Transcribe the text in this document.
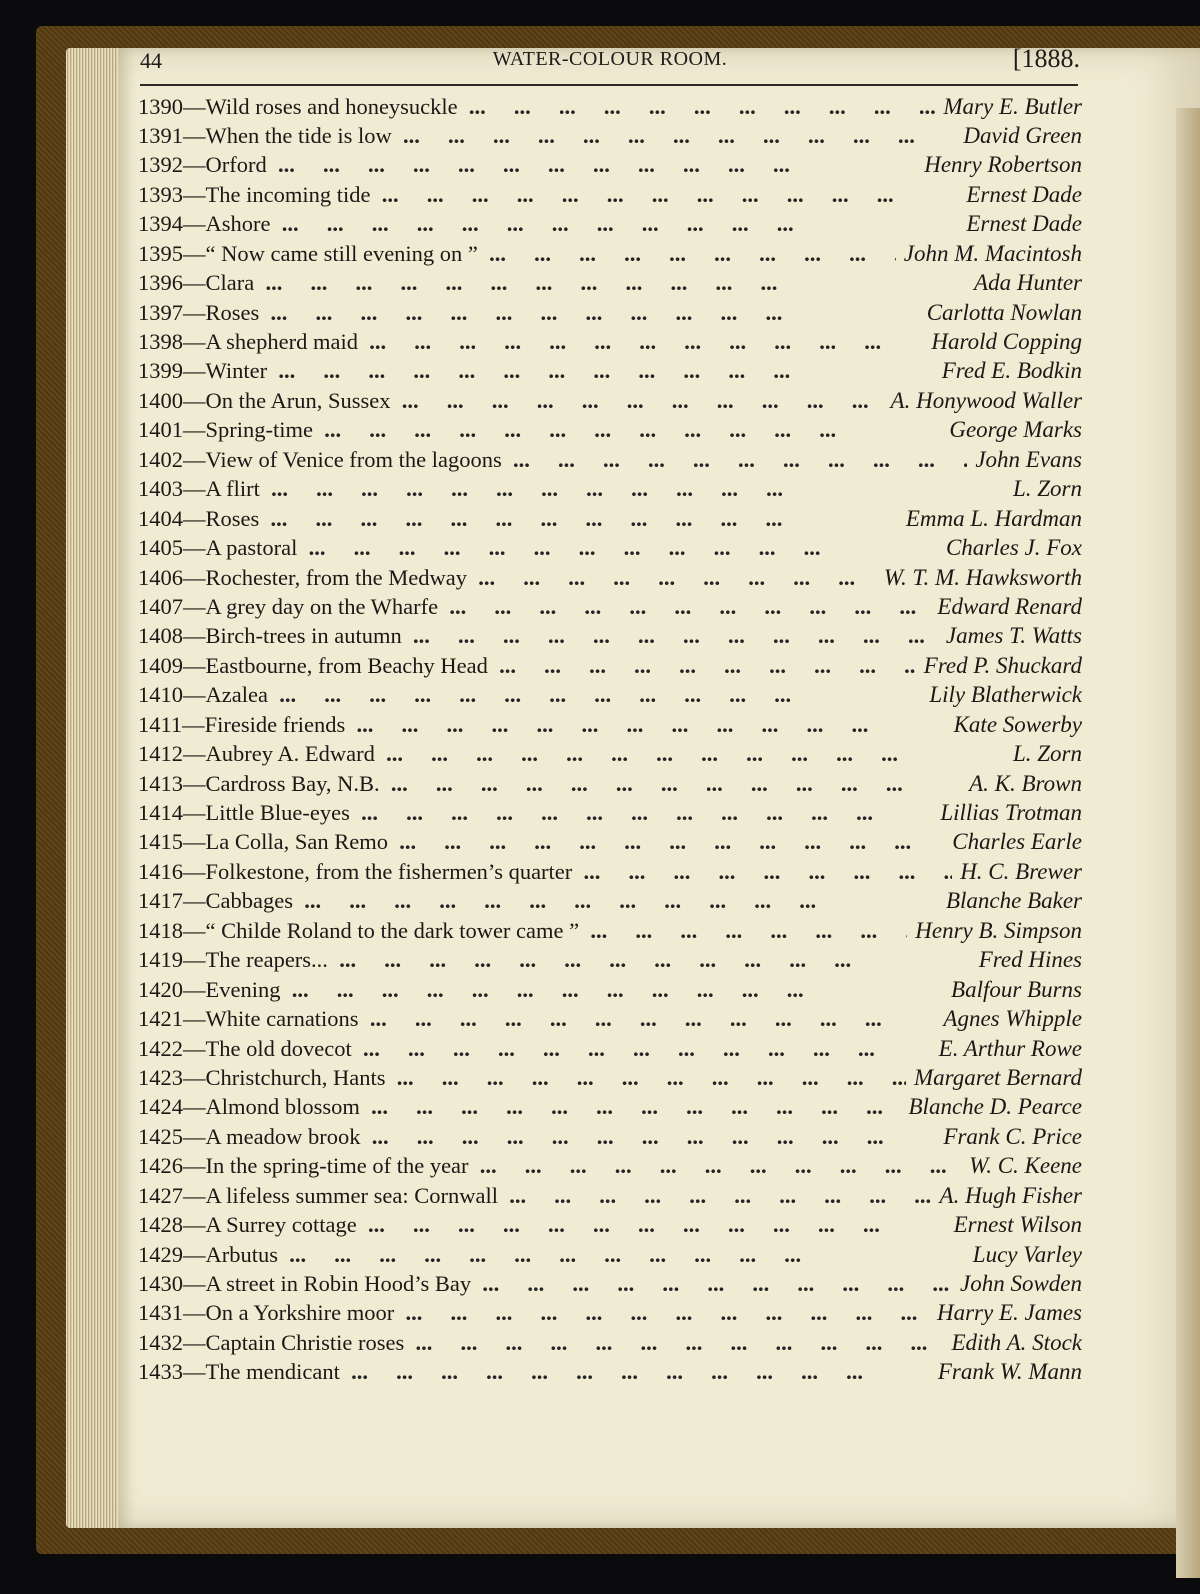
44	WATER-COLOUR ROOM.	[1888.
1390 — Wild roses and honeysuckle ...	Mary E. Butler
1391 — When the tide is low ...	David Green
1392 — Orford ...	Henry Robertson
1393 — The incoming tide ...	Ernest Dade
1394 — Ashore ...	Ernest Dade
1395 — “ Now came still evening on ” ...	John M. Macintosh
1396 — Clara ...	Ada Hunter
1397 — Roses ...	Carlotta Nowlan
1398 — A shepherd maid ...	Harold Copping
1399 — Winter ...	Fred E. Bodkin
1400 — On the Arun, Sussex ...	A. Honywood Waller
1401 — Spring-time ...	George Marks
1402 — View of Venice from the lagoons ...	John Evans
1403 — A flirt ...	L. Zorn
1404 — Roses ...	Emma L. Hardman
1405 — A pastoral ...	Charles J. Fox
1406 — Rochester, from the Medway ...	W. T. M. Hawksworth
1407 — A grey day on the Wharfe ...	Edward Renard
1408 — Birch-trees in autumn ...	James T. Watts
1409 — Eastbourne, from Beachy Head ...	Fred P. Shuckard
1410 — Azalea ...	Lily Blatherwick
1411 — Fireside friends ...	Kate Sowerby
1412 — Aubrey A. Edward ...	L. Zorn
1413 — Cardross Bay, N.B. ...	A. K. Brown
1414 — Little Blue-eyes ...	Lillias Trotman
1415 — La Colla, San Remo ...	Charles Earle
1416 — Folkestone, from the fishermen’s quarter ...	H. C. Brewer
1417 — Cabbages ...	Blanche Baker
1418 — “ Childe Roland to the dark tower came ” ...	Henry B. Simpson
1419 — The reapers... ...	Fred Hines
1420 — Evening ...	Balfour Burns
1421 — White carnations ...	Agnes Whipple
1422 — The old dovecot ...	E. Arthur Rowe
1423 — Christchurch, Hants ...	Margaret Bernard
1424 — Almond blossom ...	Blanche D. Pearce
1425 — A meadow brook ...	Frank C. Price
1426 — In the spring-time of the year ...	W. C. Keene
1427 — A lifeless summer sea: Cornwall ...	A. Hugh Fisher
1428 — A Surrey cottage ...	Ernest Wilson
1429 — Arbutus ...	Lucy Varley
1430 — A street in Robin Hood’s Bay ...	John Sowden
1431 — On a Yorkshire moor ...	Harry E. James
1432 — Captain Christie roses ...	Edith A. Stock
1433 — The mendicant ...	Frank W. Mann
